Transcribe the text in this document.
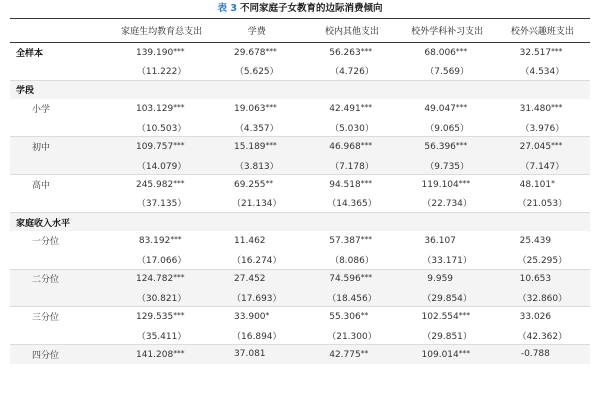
表 3 不同家庭子女教育的边际消费倾向
	家庭生均教育总支出	学费	校内其他支出	校外学科补习支出	校外兴趣班支出
全样本	139.190***	29.678***	56.263***	68.006***	32.517***
	（11.222）	（5.625）	（4.726）	（7.569）	（4.534）
学段					
小学	103.129***	19.063***	42.491***	49.047***	31.480***
	（10.503）	（4.357）	（5.030）	（9.065）	（3.976）
初中	109.757***	15.189***	46.968***	56.396***	27.045***
	（14.079）	（3.813）	（7.178）	（9.735）	（7.147）
高中	245.982***	69.255**	94.518***	119.104***	48.101*
	（37.135）	（21.134）	（14.365）	（22.734）	（21.053）
家庭收入水平					
一分位	83.192***	11.462	57.387***	36.107	25.439
	（17.066）	（16.274）	（8.086）	（33.171）	（25.295）
二分位	124.782***	27.452	74.596***	9.959	10.653
	（30.821）	（17.693）	（18.456）	（29.854）	（32.860）
三分位	129.535***	33.900*	55.306**	102.554***	33.026
	（35.411）	（16.894）	（21.300）	（29.851）	（42.362）
四分位	141.208***	37.081	42.775**	109.014***	-0.788
